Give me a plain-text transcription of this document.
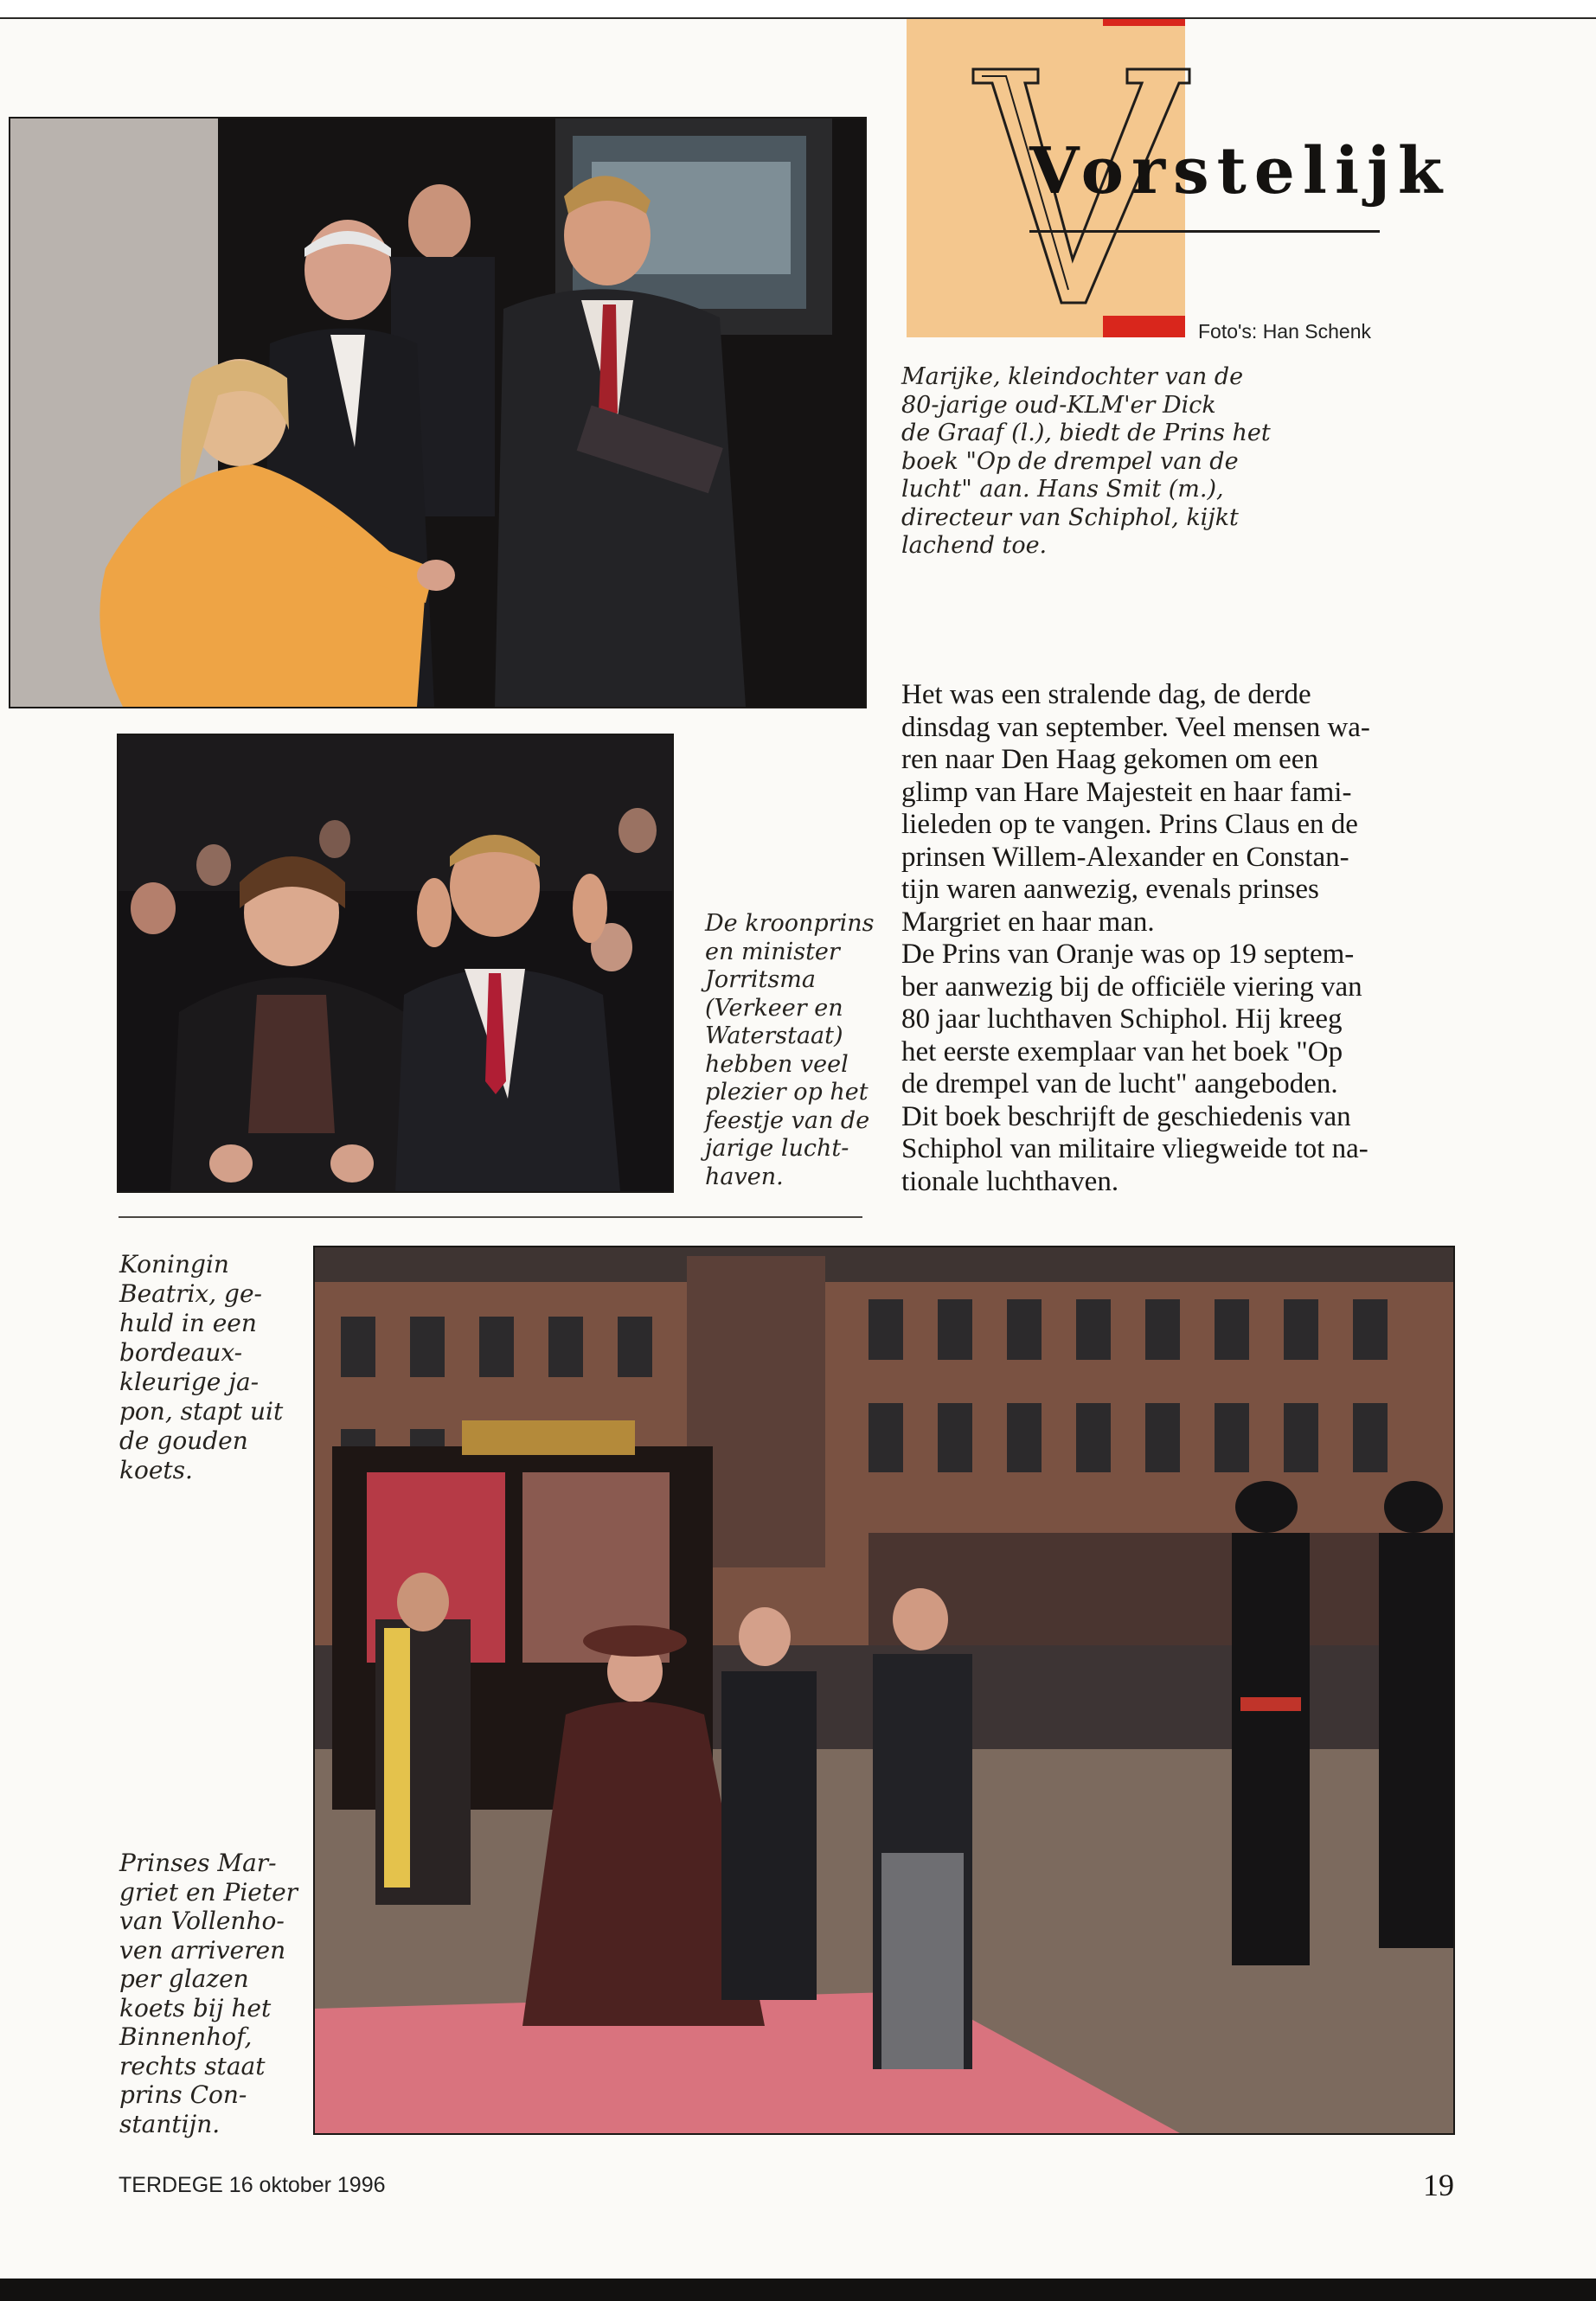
Vorstelijk
Foto's: Han Schenk
Marijke, kleindochter van de
80-jarige oud-KLM'er Dick
de Graaf (l.), biedt de Prins het
boek "Op de drempel van de
lucht" aan. Hans Smit (m.),
directeur van Schiphol, kijkt
lachend toe.
Het was een stralende dag, de derde
dinsdag van september. Veel mensen wa-
ren naar Den Haag gekomen om een
glimp van Hare Majesteit en haar fami-
lieleden op te vangen. Prins Claus en de
prinsen Willem-Alexander en Constan-
tijn waren aanwezig, evenals prinses
Margriet en haar man.
De Prins van Oranje was op 19 septem-
ber aanwezig bij de officiële viering van
80 jaar luchthaven Schiphol. Hij kreeg
het eerste exemplaar van het boek "Op
de drempel van de lucht" aangeboden.
Dit boek beschrijft de geschiedenis van
Schiphol van militaire vliegweide tot na-
tionale luchthaven.
De kroonprins
en minister
Jorritsma
(Verkeer en
Waterstaat)
hebben veel
plezier op het
feestje van de
jarige lucht-
haven.
Koningin
Beatrix, ge-
huld in een
bordeaux-
kleurige ja-
pon, stapt uit
de gouden
koets.
Prinses Mar-
griet en Pieter
van Vollenho-
ven arriveren
per glazen
koets bij het
Binnenhof,
rechts staat
prins Con-
stantijn.
TERDEGE 16 oktober 1996	19
